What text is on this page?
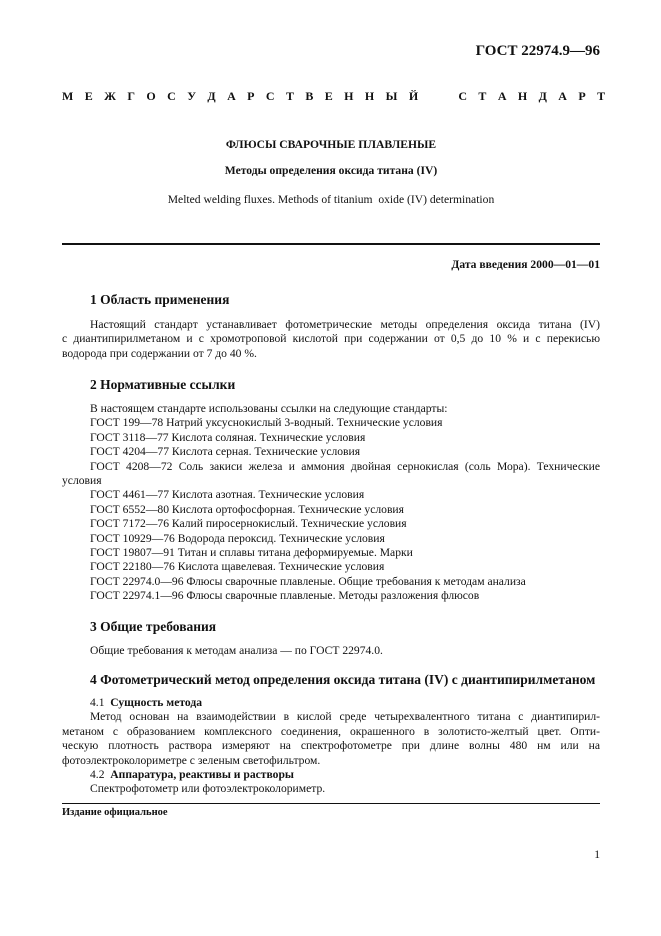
ГОСТ 22974.9—96
М Е Ж Г О С У Д А Р С Т В Е Н Н Ы Й     С Т А Н Д А Р Т
ФЛЮСЫ СВАРОЧНЫЕ ПЛАВЛЕНЫЕ
Методы определения оксида титана (IV)
Melted welding fluxes. Methods of titanium  oxide (IV) determination
Дата введения 2000—01—01
1 Область применения
Настоящий стандарт устанавливает фотометрические методы определения оксида титана (IV)
с диантипирилметаном и с хромотроповой кислотой при содержании от 0,5 до 10 % и с перекисью
водорода при содержании от 7 до 40 %.
2 Нормативные ссылки
В настоящем стандарте использованы ссылки на следующие стандарты:
ГОСТ 199—78 Натрий уксуснокислый 3-водный. Технические условия
ГОСТ 3118—77 Кислота соляная. Технические условия
ГОСТ 4204—77 Кислота серная. Технические условия
ГОСТ 4208—72 Соль закиси железа и аммония двойная сернокислая (соль Мора). Технические
условия
ГОСТ 4461—77 Кислота азотная. Технические условия
ГОСТ 6552—80 Кислота ортофосфорная. Технические условия
ГОСТ 7172—76 Калий пиросернокислый. Технические условия
ГОСТ 10929—76 Водорода пероксид. Технические условия
ГОСТ 19807—91 Титан и сплавы титана деформируемые. Марки
ГОСТ 22180—76 Кислота щавелевая. Технические условия
ГОСТ 22974.0—96 Флюсы сварочные плавленые. Общие требования к методам анализа
ГОСТ 22974.1—96 Флюсы сварочные плавленые. Методы разложения флюсов
3 Общие требования
Общие требования к методам анализа — по ГОСТ 22974.0.
4 Фотометрический метод определения оксида титана (IV) с диантипирилметаном
4.1 Сущность метода
Метод основан на взаимодействии в кислой среде четырехвалентного титана с диантипирил-
метаном с образованием комплексного соединения, окрашенного в золотисто-желтый цвет. Опти-
ческую плотность раствора измеряют на спектрофотометре при длине волны 480 нм или на
фотоэлектроколориметре с зеленым светофильтром.
4.2 Аппаратура, реактивы и растворы
Спектрофотометр или фотоэлектроколориметр.
Издание официальное
1
